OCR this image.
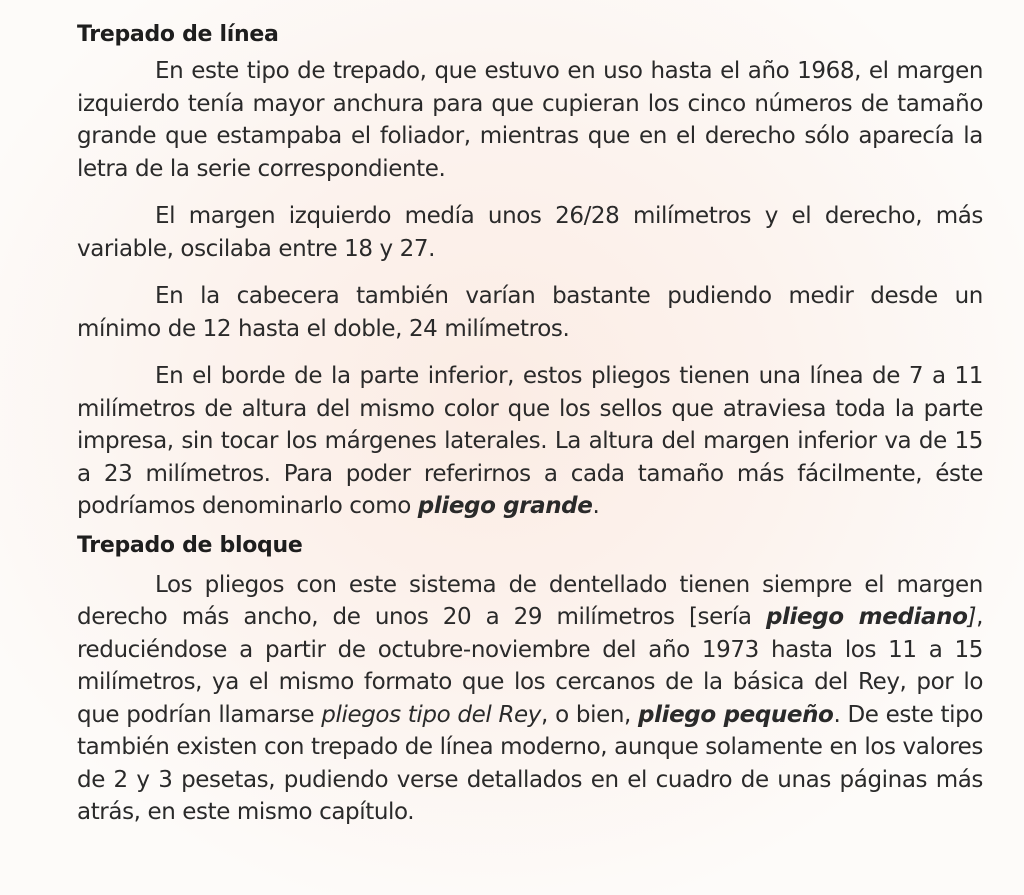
Trepado de línea

En este tipo de trepado, que estuvo en uso hasta el año 1968, el margen izquierdo tenía mayor anchura para que cupieran los cinco números de tamaño grande que estampaba el foliador, mientras que en el derecho sólo aparecía la letra de la serie correspondiente.

El margen izquierdo medía unos 26/28 milímetros y el derecho, más variable, oscilaba entre 18 y 27.

En la cabecera también varían bastante pudiendo medir desde un mínimo de 12 hasta el doble, 24 milímetros.

En el borde de la parte inferior, estos pliegos tienen una línea de 7 a 11 milímetros de altura del mismo color que los sellos que atraviesa toda la parte impresa, sin tocar los márgenes laterales. La altura del margen inferior va de 15 a 23 milímetros. Para poder referirnos a cada tamaño más fácilmente, éste podríamos denominarlo como pliego grande.

Trepado de bloque

Los pliegos con este sistema de dentellado tienen siempre el margen derecho más ancho, de unos 20 a 29 milímetros [sería pliego mediano], reduciéndose a partir de octubre-noviembre del año 1973 hasta los 11 a 15 milímetros, ya el mismo formato que los cercanos de la básica del Rey, por lo que podrían llamarse pliegos tipo del Rey, o bien, pliego pequeño. De este tipo también existen con trepado de línea moderno, aunque solamente en los valores de 2 y 3 pesetas, pudiendo verse detallados en el cuadro de unas páginas más atrás, en este mismo capítulo.
